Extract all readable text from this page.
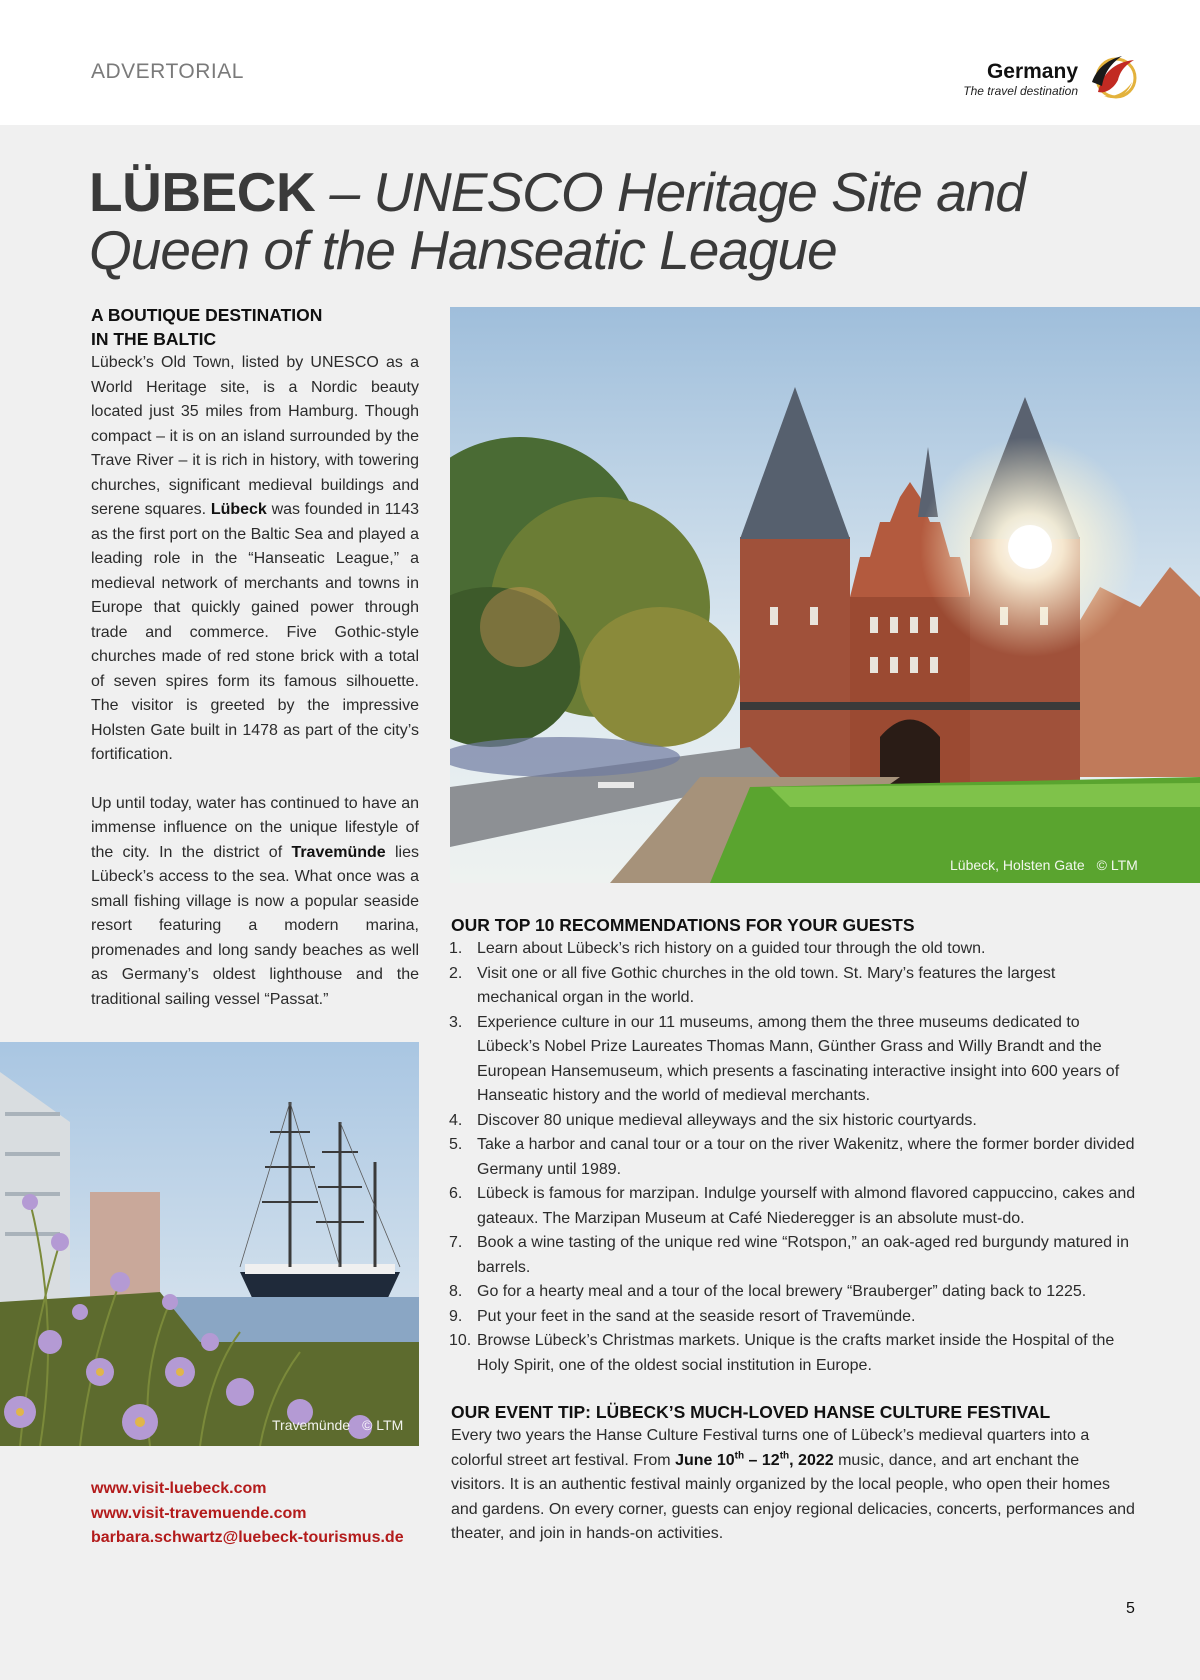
ADVERTORIAL	Germany
The travel destination
LÜBECK – UNESCO Heritage Site and Queen of the Hanseatic League
A BOUTIQUE DESTINATION
IN THE BALTIC

Lübeck’s Old Town, listed by UNESCO as a World Heritage site, is a Nordic beauty located just 35 miles from Hamburg. Though compact – it is on an island surrounded by the Trave River – it is rich in history, with towering churches, significant medieval buildings and serene squares. Lübeck was founded in 1143 as the first port on the Baltic Sea and played a leading role in the “Hanseatic League,” a medieval network of merchants and towns in Europe that quickly gained power through trade and commerce. Five Gothic-style churches made of red stone brick with a total of seven spires form its famous silhouette. The visitor is greeted by the impressive Holsten Gate built in 1478 as part of the city’s fortification.

Up until today, water has continued to have an immense influence on the unique lifestyle of the city. In the district of Travemünde lies Lübeck’s access to the sea. What once was a small fishing village is now a popular seaside resort featuring a modern marina, promenades and long sandy beaches as well as Germany’s oldest lighthouse and the traditional sailing vessel “Passat.”

Lübeck, Holsten Gate © LTM
Travemünde © LTM
www.visit-luebeck.com
www.visit-travemuende.com
barbara.schwartz@luebeck-tourismus.de
OUR TOP 10 RECOMMENDATIONS FOR YOUR GUESTS
1. Learn about Lübeck’s rich history on a guided tour through the old town.
2. Visit one or all five Gothic churches in the old town. St. Mary’s features the largest mechanical organ in the world.
3. Experience culture in our 11 museums, among them the three museums dedicated to Lübeck’s Nobel Prize Laureates Thomas Mann, Günther Grass and Willy Brandt and the European Hansemuseum, which presents a fascinating interactive insight into 600 years of Hanseatic history and the world of medieval merchants.
4. Discover 80 unique medieval alleyways and the six historic courtyards.
5. Take a harbor and canal tour or a tour on the river Wakenitz, where the former border divided Germany until 1989.
6. Lübeck is famous for marzipan. Indulge yourself with almond flavored cappuccino, cakes and gateaux. The Marzipan Museum at Café Niederegger is an absolute must-do.
7. Book a wine tasting of the unique red wine “Rotspon,” an oak-aged red burgundy matured in barrels.
8. Go for a hearty meal and a tour of the local brewery “Brauberger” dating back to 1225.
9. Put your feet in the sand at the seaside resort of Travemünde.
10. Browse Lübeck’s Christmas markets. Unique is the crafts market inside the Hospital of the Holy Spirit, one of the oldest social institution in Europe.
OUR EVENT TIP: LÜBECK’S MUCH-LOVED HANSE CULTURE FESTIVAL

Every two years the Hanse Culture Festival turns one of Lübeck’s medieval quarters into a colorful street art festival. From June 10th – 12th, 2022 music, dance, and art enchant the visitors. It is an authentic festival mainly organized by the local people, who open their homes and gardens. On every corner, guests can enjoy regional delicacies, concerts, performances and theater, and join in hands-on activities.

5
